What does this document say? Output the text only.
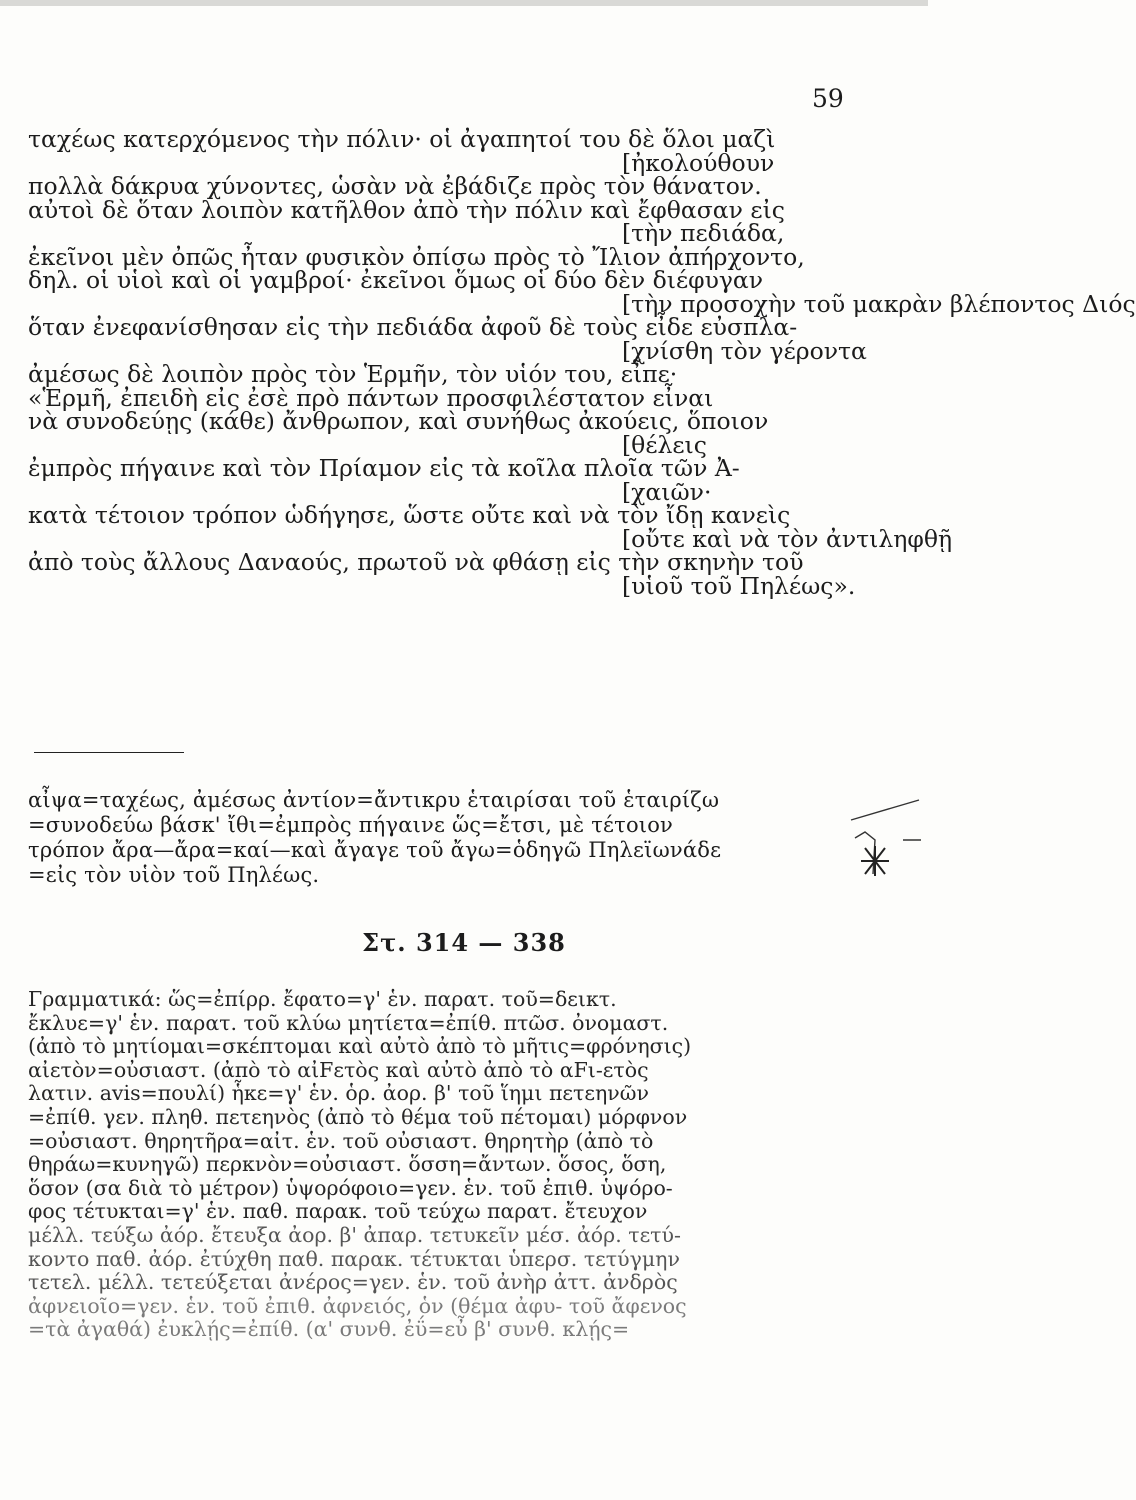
59
ταχέως κατερχόμενος τὴν πόλιν· οἱ ἀγαπητοί του δὲ ὅλοι μαζὶ
[ἠκολούθουν
πολλὰ δάκρυα χύνοντες, ὡσὰν νὰ ἐβάδιζε πρὸς τὸν θάνατον.
αὐτοὶ δὲ ὅταν λοιπὸν κατῆλθον ἀπὸ τὴν πόλιν καὶ ἔφθασαν εἰς
[τὴν πεδιάδα,
ἐκεῖνοι μὲν ὀπῶς ἦταν φυσικὸν ὀπίσω πρὸς τὸ Ἴλιον ἀπήρχοντο,
δηλ. οἱ υἱοὶ καὶ οἱ γαμβροί· ἐκεῖνοι ὅμως οἱ δύο δὲν διέφυγαν
[τὴν προσοχὴν τοῦ μακρὰν βλέποντος Διός
ὅταν ἐνεφανίσθησαν εἰς τὴν πεδιάδα ἀφοῦ δὲ τοὺς εἶδε εὐσπλα-
[χνίσθη τὸν γέροντα
ἀμέσως δὲ λοιπὸν πρὸς τὸν Ἑρμῆν, τὸν υἱόν του, εἶπε·
«Ἑρμῆ, ἐπειδὴ εἰς ἐσὲ πρὸ πάντων προσφιλέστατον εἶναι
νὰ συνοδεύῃς (κάθε) ἄνθρωπον, καὶ συνήθως ἀκούεις, ὅποιον
[θέλεις
ἐμπρὸς πήγαινε καὶ τὸν Πρίαμον εἰς τὰ κοῖλα πλοῖα τῶν Ἀ-
[χαιῶν·
κατὰ τέτοιον τρόπον ὡδήγησε, ὥστε οὔτε καὶ νὰ τὸν ἴδῃ κανεὶς
[οὔτε καὶ νὰ τὸν ἀντιληφθῇ
ἀπὸ τοὺς ἄλλους Δαναούς, πρωτοῦ νὰ φθάσῃ εἰς τὴν σκηνὴν τοῦ
[υἱοῦ τοῦ Πηλέως».
αἶψα=ταχέως, ἀμέσως ἀντίον=ἄντικρυ ἑταιρίσαι τοῦ ἑταιρίζω
=συνοδεύω βάσκ' ἴθι=ἐμπρὸς πήγαινε ὥς=ἔτσι, μὲ τέτοιον
τρόπον ἄρα—ἄρα=καί—καὶ ἄγαγε τοῦ ἄγω=ὁδηγῶ Πηλεϊωνάδε
=εἰς τὸν υἱὸν τοῦ Πηλέως.
Στ. 314 — 338
Γραμματικά: ὥς=ἐπίρρ. ἔφατο=γ' ἑν. παρατ. τοῦ=δεικτ.
ἔκλυε=γ' ἑν. παρατ. τοῦ κλύω μητίετα=ἐπίθ. πτῶσ. ὀνομαστ.
(ἀπὸ τὸ μητίομαι=σκέπτομαι καὶ αὐτὸ ἀπὸ τὸ μῆτις=φρόνησις)
αἰετὸν=οὐσιαστ. (ἀπὸ τὸ αἰFετὸς καὶ αὐτὸ ἀπὸ τὸ αFι-ετὸς
λατιν. avis=πουλί) ἧκε=γ' ἑν. ὁρ. ἀορ. β' τοῦ ἵημι πετεηνῶν
=ἐπίθ. γεν. πληθ. πετεηνὸς (ἀπὸ τὸ θέμα τοῦ πέτομαι) μόρφνον
=οὐσιαστ. θηρητῆρα=αἰτ. ἑν. τοῦ οὐσιαστ. θηρητὴρ (ἀπὸ τὸ
θηράω=κυνηγῶ) περκνὸν=οὐσιαστ. ὅσση=ἄντων. ὅσος, ὅση,
ὅσον (σα διὰ τὸ μέτρον) ὑψορόφοιο=γεν. ἑν. τοῦ ἐπιθ. ὑψόρο-
φος τέτυκται=γ' ἑν. παθ. παρακ. τοῦ τεύχω παρατ. ἔτευχον
μέλλ. τεύξω ἀόρ. ἔτευξα ἀορ. β' ἀπαρ. τετυκεῖν μέσ. ἀόρ. τετύ-
κοντο παθ. ἀόρ. ἐτύχθη παθ. παρακ. τέτυκται ὑπερσ. τετύγμην
τετελ. μέλλ. τετεύξεται ἀνέρος=γεν. ἑν. τοῦ ἀνὴρ ἀττ. ἀνδρὸς
ἀφνειοῖο=γεν. ἑν. τοῦ ἐπιθ. ἀφνειός, ὁν (θέμα ἀφυ- τοῦ ἄφενος
=τὰ ἀγαθά) ἐυκλῄς=ἐπίθ. (α' συνθ. ἐΰ=εὖ β' συνθ. κλῄς=
